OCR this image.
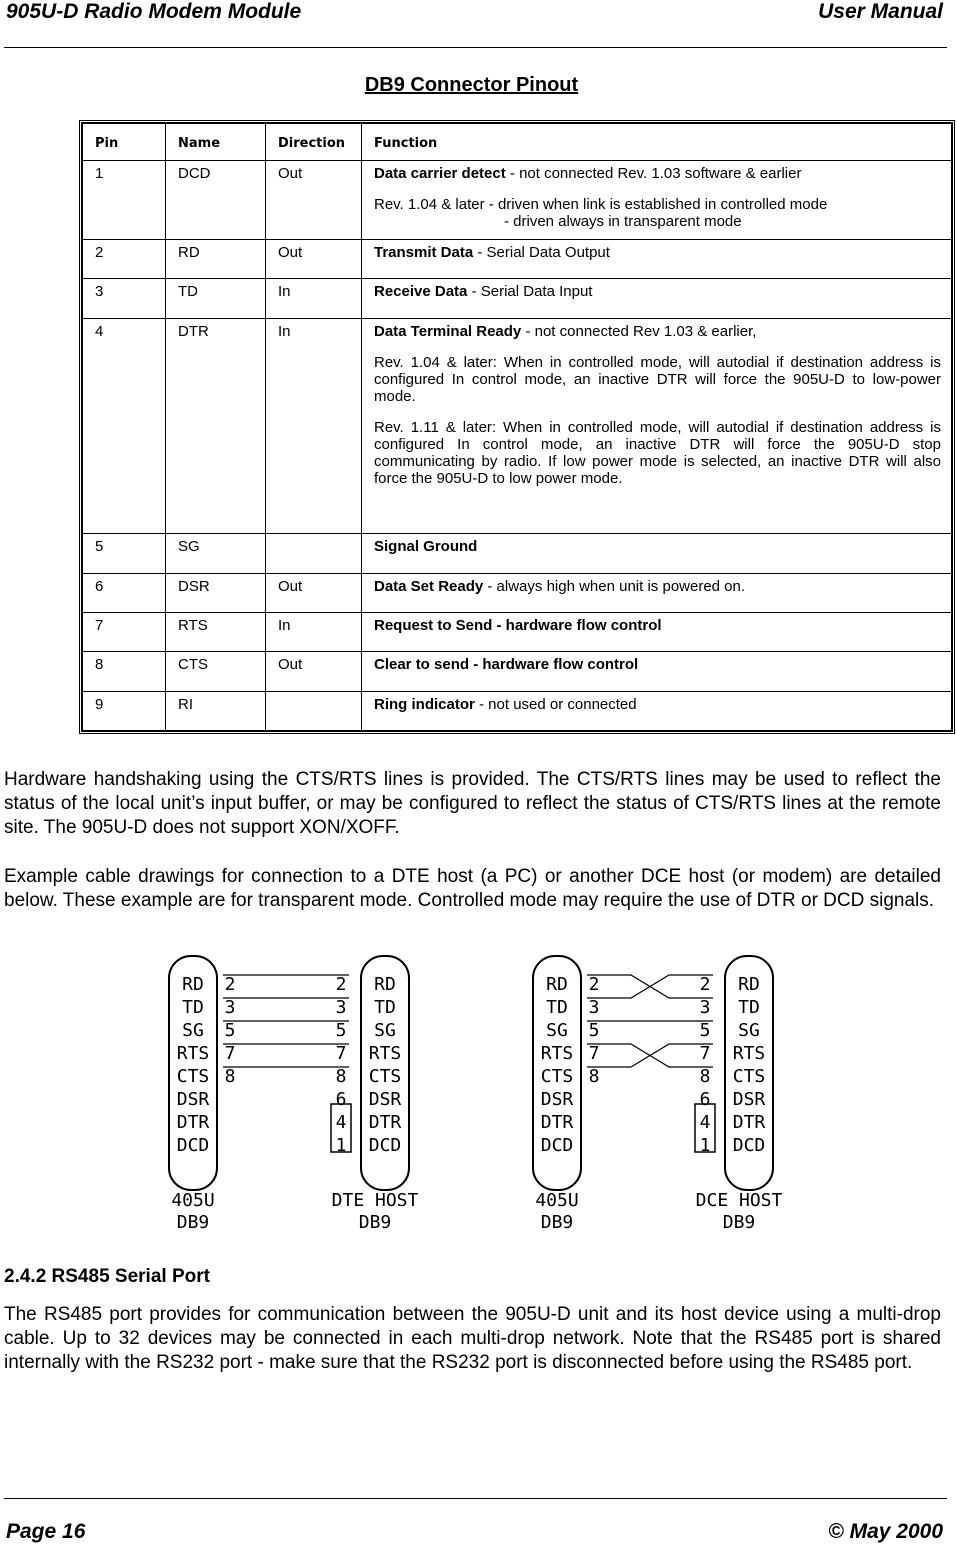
905U-D Radio Modem Module	User Manual
DB9 Connector Pinout
Pin	Name	Direction	Function
1	DCD	Out	Data carrier detect - not connected Rev. 1.03 software & earlier

Rev. 1.04 & later - driven when link is established in controlled mode
- driven always in transparent mode

2	RD	Out	Transmit Data - Serial Data Output
3	TD	In	Receive Data - Serial Data Input
4	DTR	In	Data Terminal Ready - not connected Rev 1.03 & earlier,

Rev. 1.04 & later: When in controlled mode, will autodial if destination address is configured In control mode, an inactive DTR will force the 905U-D to low-power mode.

Rev. 1.11 & later: When in controlled mode, will autodial if destination address is configured In control mode, an inactive DTR will force the 905U-D stop communicating by radio. If low power mode is selected, an inactive DTR will also force the 905U-D to low power mode.

5	SG		Signal Ground
6	DSR	Out	Data Set Ready - always high when unit is powered on.
7	RTS	In	Request to Send - hardware flow control
8	CTS	Out	Clear to send - hardware flow control
9	RI		Ring indicator - not used or connected
Hardware handshaking using the CTS/RTS lines is provided. The CTS/RTS lines may be used to reflect the status of the local unit’s input buffer, or may be configured to reflect the status of CTS/RTS lines at the remote site. The 905U-D does not support XON/XOFF.
Example cable drawings for connection to a DTE host (a PC) or another DCE host (or modem) are detailed below. These example are for transparent mode. Controlled mode may require the use of DTR or DCD signals.
RD
TD
SG
RTS
CTS
DSR
DTR
DCD
RD
TD
SG
RTS
CTS
DSR
DTR
DCD
2
3
5
7
8
2
3
5
7
8
6
4
1
405U
DB9
DTE HOST
DB9
RD
TD
SG
RTS
CTS
DSR
DTR
DCD
RD
TD
SG
RTS
CTS
DSR
DTR
DCD
2
3
5
7
8
2
3
5
7
8
6
4
1
405U
DB9
DCE HOST
DB9
2.4.2 RS485 Serial Port
The RS485 port provides for communication between the 905U-D unit and its host device using a multi-drop cable. Up to 32 devices may be connected in each multi-drop network. Note that the RS485 port is shared internally with the RS232 port - make sure that the RS232 port is disconnected before using the RS485 port.
Page 16	© May 2000
